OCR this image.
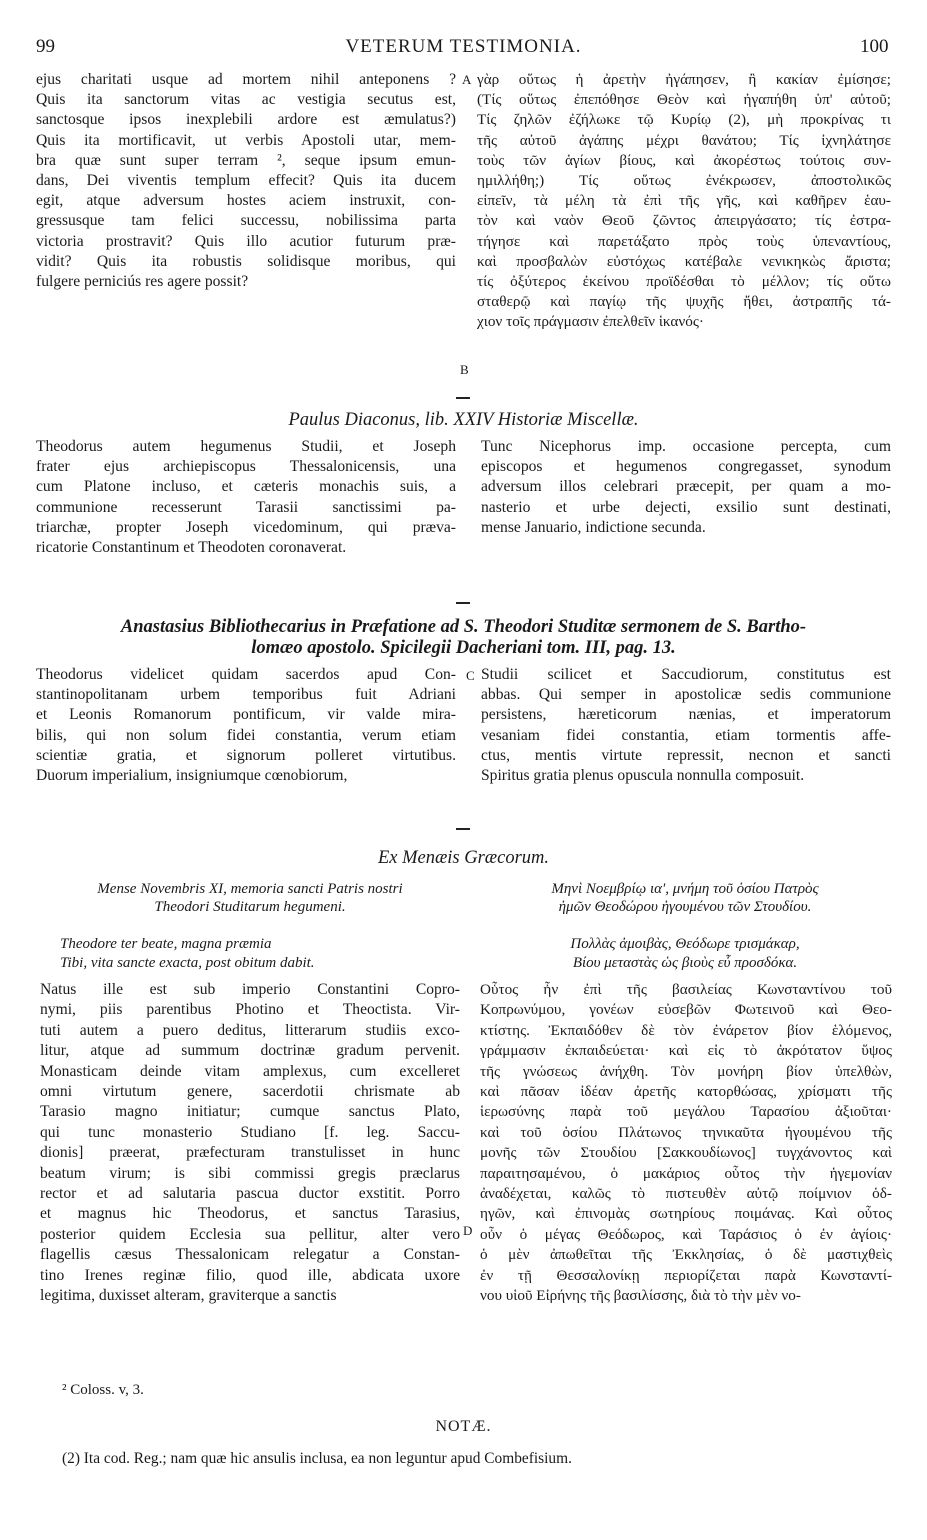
99	VETERUM TESTIMONIA.	100
ejus charitati usque ad mortem nihil anteponens ?
Quis ita sanctorum vitas ac vestigia secutus est,
sanctosque ipsos inexplebili ardore est æmulatus?)
Quis ita mortificavit, ut verbis Apostoli utar, mem-
bra quæ sunt super terram ², seque ipsum emun-
dans, Dei viventis templum effecit? Quis ita ducem
egit, atque adversum hostes aciem instruxit, con-
gressusque tam felici successu, nobilissima parta
victoria prostravit? Quis illo acutior futurum præ-
vidit? Quis ita robustis solidisque moribus, qui
fulgere perniciús res agere possit?
γὰρ οὕτως ἡ ἀρετὴν ἠγάπησεν, ἢ κακίαν ἐμίσησε;
(Τίς οὕτως ἐπεπόθησε Θεὸν καὶ ἠγαπήθη ὑπ' αὐτοῦ;
Τίς ζηλῶν ἐζήλωκε τῷ Κυρίῳ (2), μὴ προκρίνας τι
τῆς αὐτοῦ ἀγάπης μέχρι θανάτου; Τίς ἰχνηλάτησε
τοὺς τῶν ἁγίων βίους, καὶ ἀκορέστως τούτοις συν-
ημιλλήθη;) Τίς οὕτως ἐνέκρωσεν, ἀποστολικῶς
εἰπεῖν, τὰ μέλη τὰ ἐπὶ τῆς γῆς, καὶ καθῆρεν ἑαυ-
τὸν καὶ ναὸν Θεοῦ ζῶντος ἀπειργάσατο; τίς ἐστρα-
τήγησε καὶ παρετάξατο πρὸς τοὺς ὑπεναντίους,
καὶ προσβαλὼν εὐστόχως κατέβαλε νενικηκὼς ἄριστα;
τίς ὀξύτερος ἐκείνου προϊδέσθαι τὸ μέλλον; τίς οὕτω
σταθερῷ καὶ παγίῳ τῆς ψυχῆς ἤθει, ἀστραπῆς τά-
χιον τοῖς πράγμασιν ἐπελθεῖν ἱκανός·
A
B
Paulus Diaconus, lib. XXIV Historiæ Miscellæ.
Theodorus autem hegumenus Studii, et Joseph
frater ejus archiepiscopus Thessalonicensis, una
cum Platone incluso, et cæteris monachis suis, a
communione recesserunt Tarasii sanctissimi pa-
triarchæ, propter Joseph vicedominum, qui præva-
ricatorie Constantinum et Theodoten coronaverat.
Tunc Nicephorus imp. occasione percepta, cum
episcopos et hegumenos congregasset, synodum
adversum illos celebrari præcepit, per quam a mo-
nasterio et urbe dejecti, exsilio sunt destinati,
mense Januario, indictione secunda.
Anastasius Bibliothecarius in Præfatione ad S. Theodori Studitæ sermonem de S. Bartho-
lomæo apostolo. Spicilegii Dacheriani tom. III, pag. 13.
Theodorus videlicet quidam sacerdos apud Con-
stantinopolitanam urbem temporibus fuit Adriani
et Leonis Romanorum pontificum, vir valde mira-
bilis, qui non solum fidei constantia, verum etiam
scientiæ gratia, et signorum polleret virtutibus.
Duorum imperialium, insigniumque cœnobiorum,
Studii scilicet et Saccudiorum, constitutus est
abbas. Qui semper in apostolicæ sedis communione
persistens, hæreticorum nænias, et imperatorum
vesaniam fidei constantia, etiam tormentis affe-
ctus, mentis virtute repressit, necnon et sancti
Spiritus gratia plenus opuscula nonnulla composuit.
C
Ex Menæis Græcorum.
Mense Novembris XI, memoria sancti Patris nostri
Theodori Studitarum hegumeni.
Theodore ter beate, magna præmia
Tibi, vita sancte exacta, post obitum dabit.
Μηνὶ Νοεμβρίῳ ια', μνήμη τοῦ ὁσίου Πατρὸς
ἡμῶν Θεοδώρου ἡγουμένου τῶν Στουδίου.
Πολλὰς ἀμοιβὰς, Θεόδωρε τρισμάκαρ,
Βίου μεταστὰς ὡς βιοὺς εὖ προσδόκα.
Natus ille est sub imperio Constantini Copro-
nymi, piis parentibus Photino et Theoctista. Vir-
tuti autem a puero deditus, litterarum studiis exco-
litur, atque ad summum doctrinæ gradum pervenit.
Monasticam deinde vitam amplexus, cum excelleret
omni virtutum genere, sacerdotii chrismate ab
Tarasio magno initiatur; cumque sanctus Plato,
qui tunc monasterio Studiano [f. leg. Saccu-
dionis] præerat, præfecturam transtulisset in hunc
beatum virum; is sibi commissi gregis præclarus
rector et ad salutaria pascua ductor exstitit. Porro
et magnus hic Theodorus, et sanctus Tarasius,
posterior quidem Ecclesia sua pellitur, alter vero
flagellis cæsus Thessalonicam relegatur a Constan-
tino Irenes reginæ filio, quod ille, abdicata uxore
legitima, duxisset alteram, graviterque a sanctis
Οὗτος ἦν ἐπὶ τῆς βασιλείας Κωνσταντίνου τοῦ
Κοπρωνύμου, γονέων εὐσεβῶν Φωτεινοῦ καὶ Θεο-
κτίστης. Ἐκπαιδόθεν δὲ τὸν ἐνάρετον βίον ἑλόμενος,
γράμμασιν ἐκπαιδεύεται· καὶ εἰς τὸ ἀκρότατον ὕψος
τῆς γνώσεως ἀνήχθη. Τὸν μονήρη βίον ὑπελθὼν,
καὶ πᾶσαν ἰδέαν ἀρετῆς κατορθώσας, χρίσματι τῆς
ἱερωσύνης παρὰ τοῦ μεγάλου Ταρασίου ἀξιοῦται·
καὶ τοῦ ὁσίου Πλάτωνος τηνικαῦτα ἡγουμένου τῆς
μονῆς τῶν Στουδίου [Σακκουδίωνος] τυγχάνοντος καὶ
παραιτησαμένου, ὁ μακάριος οὗτος τὴν ἡγεμονίαν
ἀναδέχεται, καλῶς τὸ πιστευθὲν αὐτῷ ποίμνιον ὁδ-
ηγῶν, καὶ ἐπινομὰς σωτηρίους ποιμάνας. Καὶ οὗτος
οὖν ὁ μέγας Θεόδωρος, καὶ Ταράσιος ὁ ἐν ἁγίοις·
ὁ μὲν ἀπωθεῖται τῆς Ἐκκλησίας, ὁ δὲ μαστιχθεὶς
ἐν τῇ Θεσσαλονίκῃ περιορίζεται παρὰ Κωνσταντί-
νου υἱοῦ Εἰρήνης τῆς βασιλίσσης, διὰ τὸ τὴν μὲν νο-
D
² Coloss. v, 3.
NOTÆ.
(2) Ita cod. Reg.; nam quæ hic ansulis inclusa, ea non leguntur apud Combefisium.
